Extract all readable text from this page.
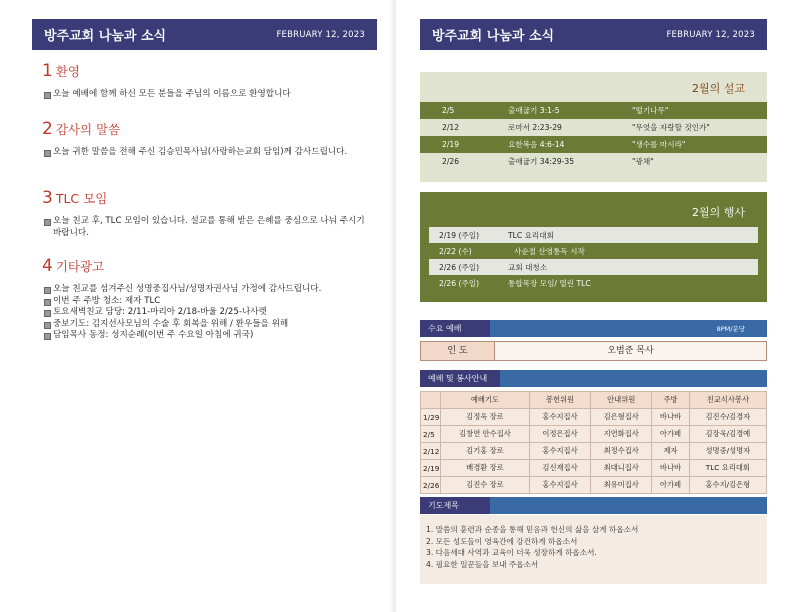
방주교회 나눔과 소식	FEBRUARY 12, 2023
1 환영
오늘 예배에 함께 하신 모든 분들을 주님의 이름으로 환영합니다
2 감사의 말씀
오늘 귀한 말씀을 전해 주신 김승민목사님(사랑하는교회 담임)께 감사드립니다.
3 TLC 모임
오늘 친교 후, TLC 모임이 있습니다. 설교를 통해 받은 은혜를 중심으로 나눠 주시기 바랍니다.
4 기타광고
오늘 친교를 섬겨주신 성명중집사님/성명자권사님 가정에 감사드립니다.
이번 주 주방 청소: 제자 TLC
토요새벽친교 담당: 2/11-마리아 2/18-바울 2/25-나사렛
중보기도: 김지선사모님의 수술 후 회복을 위해 / 환우들을 위해
담임목사 동정: 성지순례(이번 주 수요일 아침에 귀국)
방주교회 나눔과 소식	FEBRUARY 12, 2023
2월의 설교
2/5	출애굽기 3:1-5	"떨기나무"
2/12	로마서 2:23-29	"무엇을 자랑할 것인가"
2/19	요한복음 4:6-14	"생수를 마시라"
2/26	출애굽기 34:29-35	"광채"
2월의 행사
2/19 (주일)	TLC 요리대회
2/22 (수)	사순절 산영통독 시작
2/26 (주일)	교회 대청소
2/26 (주일)	통합목장 모임/ 열린 TLC
수요 예배	8PM/분당
인 도	오범준 목사
예배 및 봉사안내
	예배기도	봉헌위원	안내위원	주방	친교식사봉사
1/29	김정욱 장로	홍수지집사	김은형집사	바나바	김진수/김경자
2/5	김창연 안수집사	이정은집사	지연화집사	아가페	김장욱/김경예
2/12	김기홍 장로	홍수지집사	최정수집사	제자	성명중/성명자
2/19	배경환 장로	김신재집사	최대니집사	바나바	TLC 요리대회
2/26	김진수 장로	홍수지집사	최유미집사	아가페	홍수지/김은형
기도제목
1. 말씀의 훈련과 순종을 통해 믿음과 헌신의 삶을 살게 하옵소서
2. 모든 성도들이 영육간에 강건하게 하옵소서
3. 다음세대 사역과 교육이 더욱 성장하게 하옵소서.
4. 필요한 일꾼들을 보내 주옵소서
